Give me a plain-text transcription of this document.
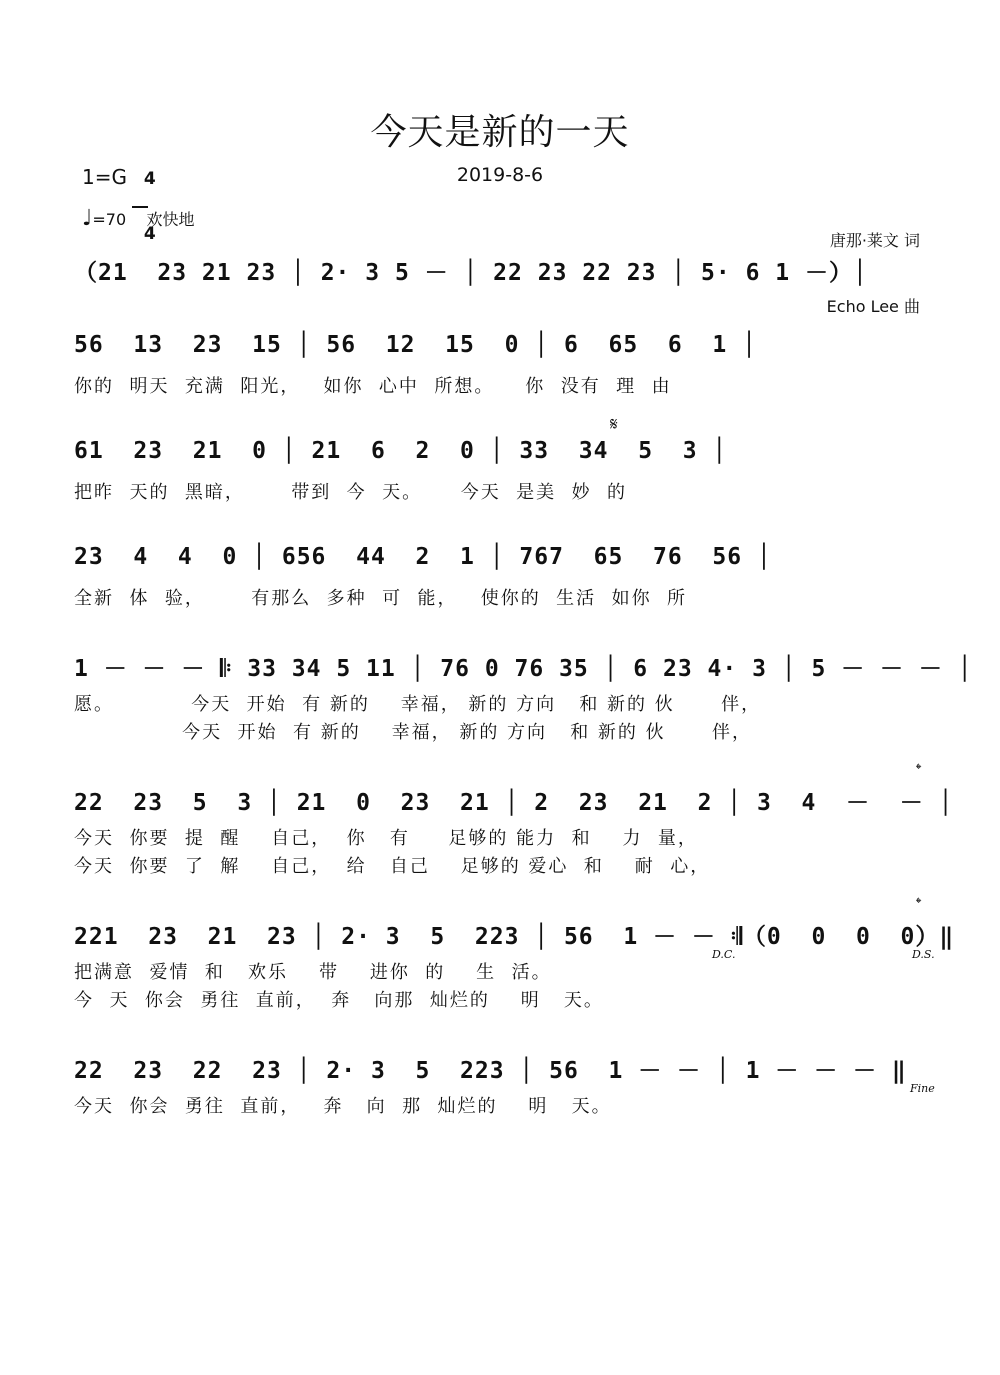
今天是新的一天
2019-8-6
1=G 4

4

♩=70 欢快地

唐那·莱文 词

Echo Lee 曲

（21  23 21 23 │ 2· 3 5 － │ 22 23 22 23 │ 5· 6 1 －）│
56  13  23  15 │ 56  12  15  0 │ 6  65  6  1 │
你的  明天  充满  阳光，   如你  心中  所想。    你  没有  理  由
𝄋
61  23  21  0 │ 21  6  2  0 │ 33  34  5  3 │
把昨  天的  黑暗，      带到  今  天。     今天  是美  妙  的
23  4  4  0 │ 656  44  2  1 │ 767  65  76  56 │
全新  体  验，      有那么  多种  可  能，   使你的  生活  如你  所
1 － － － 𝄆 33 34 5 11 │ 76 0 76 35 │ 6 23 4· 3 │ 5 － － － │
愿。          今天  开始  有 新的    幸福， 新的 方向   和 新的 伙      伴，
今天  开始  有 新的    幸福， 新的 方向   和 新的 伙      伴，
𝄌
22  23  5  3 │ 21  0  23  21 │ 2  23  21  2 │ 3  4  －  － │
今天  你要  提  醒    自己，  你   有     足够的 能力  和    力  量，
今天  你要  了  解    自己，  给   自己    足够的 爱心  和    耐  心，
𝄌
221  23  21  23 │ 2· 3  5  223 │ 56  1 － － 𝄇（0  0  0  0）‖
D.C.	D.S.
把满意  爱情  和   欢乐    带    进你  的    生  活。
今  天  你会  勇往  直前，  奔   向那  灿烂的    明   天。
22  23  22  23 │ 2· 3  5  223 │ 56  1 － － │ 1 － － － ‖
Fine
今天  你会  勇往  直前，   奔   向  那  灿烂的    明   天。
